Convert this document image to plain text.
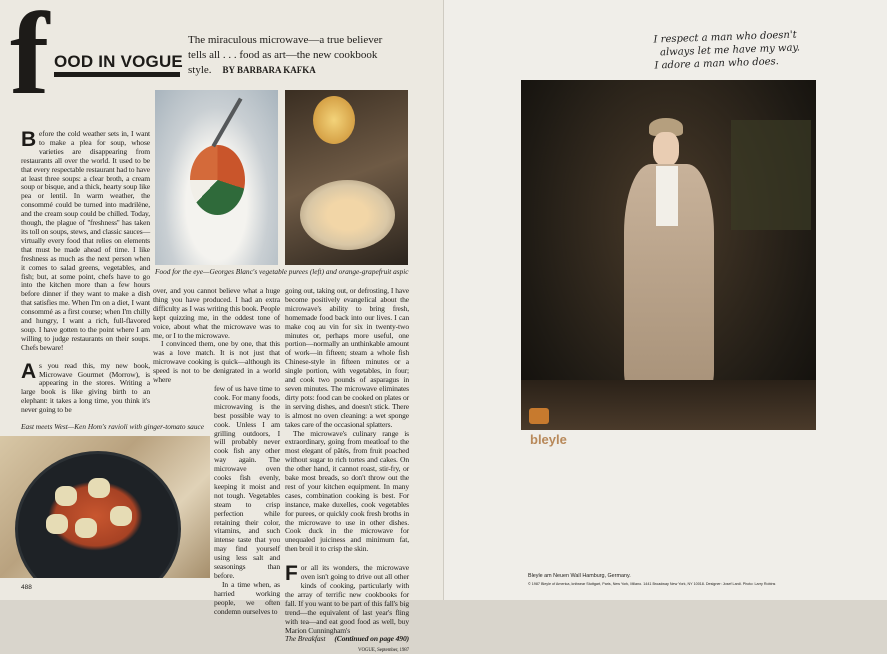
f OOD IN VOGUE
The miraculous microwave—a true believer tells all . . . food as art—the new cookbook style. BY BARBARA KAFKA
Food for the eye—Georges Blanc's vegetable purees (left) and orange-grapefruit aspic

Before the cold weather sets in, I want to make a plea for soup, whose varieties are disappearing from restaurants all over the world. It used to be that every respectable restaurant had to have at least three soups: a clear broth, a cream soup or bisque, and a thick, hearty soup like pea or lentil. In warm weather, the consommé could be turned into madrilène, and the cream soup could be chilled. Today, though, the plague of ''freshness'' has taken its toll on soups, stews, and classic sauces—virtually every food that relies on elements that must be made ahead of time. I like freshness as much as the next person when it comes to salad greens, vegetables, and fish; but, at some point, chefs have to go into the kitchen more than a few hours before dinner if they want to make a dish that satisfies me. When I'm on a diet, I want consommé as a first course; when I'm chilly and hungry, I want a rich, full-flavored soup. I have gotten to the point where I am willing to judge restaurants on their soups. Chefs beware!

As you read this, my new book, Microwave Gourmet (Morrow), is appearing in the stores. Writing a large book is like giving birth to an elephant: it takes a long time, you think it's never going to be

East meets West—Ken Hom's ravioli with ginger-tomato sauce

over, and you cannot believe what a huge thing you have produced. I had an extra difficulty as I was writing this book. People kept quizzing me, in the oddest tone of voice, about what the microwave was to me, or I to the microwave.

I convinced them, one by one, that this was a love match. It is not just that microwave cooking is quick—although its speed is not to be denigrated in a world where

few of us have time to cook. For many foods, microwaving is the best possible way to cook. Unless I am grilling outdoors, I will probably never cook fish any other way again. The microwave oven cooks fish evenly, keeping it moist and not tough. Vegetables steam to crisp perfection while retaining their color, vitamins, and such intense taste that you may find yourself using less salt and seasonings than before.

In a time when, as harried working people, we often condemn ourselves to

going out, taking out, or defrosting, I have become positively evangelical about the microwave's ability to bring fresh, homemade food back into our lives. I can make coq au vin for six in twenty-two minutes or, perhaps more useful, one portion—normally an unthinkable amount of work—in fifteen; steam a whole fish Chinese-style in fifteen minutes or a single portion, with vegetables, in four; and cook two pounds of asparagus in seven minutes. The microwave eliminates dirty pots: food can be cooked on plates or in serving dishes, and doesn't stick. There is almost no oven cleaning: a wet sponge takes care of the occasional splatters.

The microwave's culinary range is extraordinary, going from meatloaf to the most elegant of pâtés, from fruit poached without sugar to rich tortes and cakes. On the other hand, it cannot roast, stir-fry, or bake most breads, so don't throw out the rest of your kitchen equipment. In many cases, combination cooking is best. For instance, make duxelles, cook vegetables for purees, or quickly cook fresh broths in the microwave to use in other dishes. Cook duck in the microwave for unequaled juiciness and minimum fat, then broil it to crisp the skin.

For all its wonders, the microwave oven isn't going to drive out all other kinds of cooking, particularly with the array of terrific new cookbooks for fall. If you want to be part of this fall's big trend—the equivalent of last year's fling with tea—and eat good food as well, buy Marion Cunningham's

The Breakfast (Continued on page 490)

VOGUE, September, 1987
488
I respect a man who doesn't
always let me have my way.
I adore a man who does.
bleyle
Bleyle am Neuen Wall Hamburg, Germany.
© 1987 Bleyle of America, knitwear Stuttgart, Paris, New York, Milano. 1441 Broadway New York, NY 10018. Designer: Josef Lardi. Photo: Larry Robins
